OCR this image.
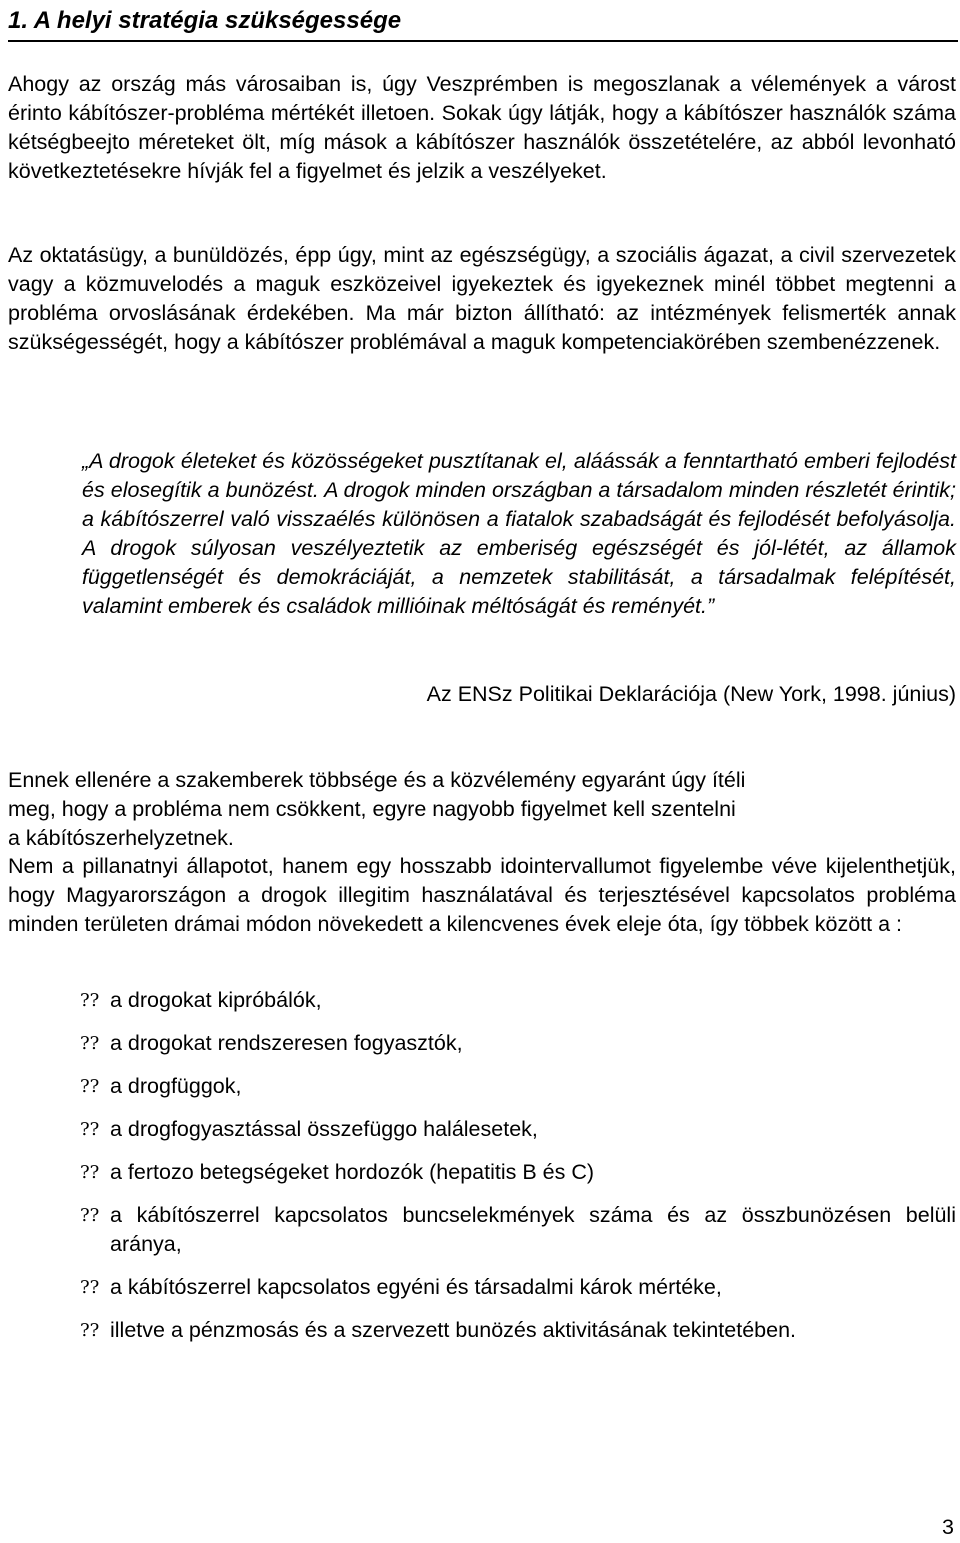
1. A helyi stratégia szükségessége

Ahogy az ország más városaiban is, úgy Veszprémben is megoszlanak a vélemények a várost érinto kábítószer-probléma mértékét illetoen. Sokak úgy látják, hogy a kábítószer használók száma kétségbeejto méreteket ölt, míg mások a kábítószer használók összetételére, az abból levonható következtetésekre hívják fel a figyelmet és jelzik a veszélyeket.

Az oktatásügy, a bunüldözés, épp úgy, mint az egészségügy, a szociális ágazat, a civil szervezetek vagy a közmuvelodés a maguk eszközeivel igyekeztek és igyekeznek minél többet megtenni a probléma orvoslásának érdekében. Ma már bizton állítható: az intézmények felismerték annak szükségességét, hogy a kábítószer problémával a maguk kompetenciakörében szembenézzenek.

„A drogok életeket és közösségeket pusztítanak el, aláássák a fenntartható emberi fejlodést és elosegítik a bunözést. A drogok minden országban a társadalom minden részletét érintik; a kábítószerrel való visszaélés különösen a fiatalok szabadságát és fejlodését befolyásolja. A drogok súlyosan veszélyeztetik az emberiség egészségét és jól-létét, az államok függetlenségét és demokráciáját, a nemzetek stabilitását, a társadalmak felépítését, valamint emberek és családok millióinak méltóságát és reményét.”

Az ENSz Politikai Deklarációja (New York, 1998. június)
Ennek ellenére a szakemberek többsége és a közvélemény egyaránt úgy ítéli
meg, hogy a probléma nem csökkent, egyre nagyobb figyelmet kell szentelni
a kábítószerhelyzetnek.

Nem a pillanatnyi állapotot, hanem egy hosszabb idointervallumot figyelembe véve kijelenthetjük, hogy Magyarországon a drogok illegitim használatával és terjesztésével kapcsolatos probléma minden területen drámai módon növekedett a kilencvenes évek eleje óta, így többek között a :

?? a drogokat kipróbálók,
?? a drogokat rendszeresen fogyasztók,
?? a drogfüggok,
?? a drogfogyasztással összefüggo halálesetek,
?? a fertozo betegségeket hordozók (hepatitis B és C)
?? a kábítószerrel kapcsolatos buncselekmények száma és az összbunözésen belüli aránya,
?? a kábítószerrel kapcsolatos egyéni és társadalmi károk mértéke,
?? illetve a pénzmosás és a szervezett bunözés aktivitásának tekintetében.
3
